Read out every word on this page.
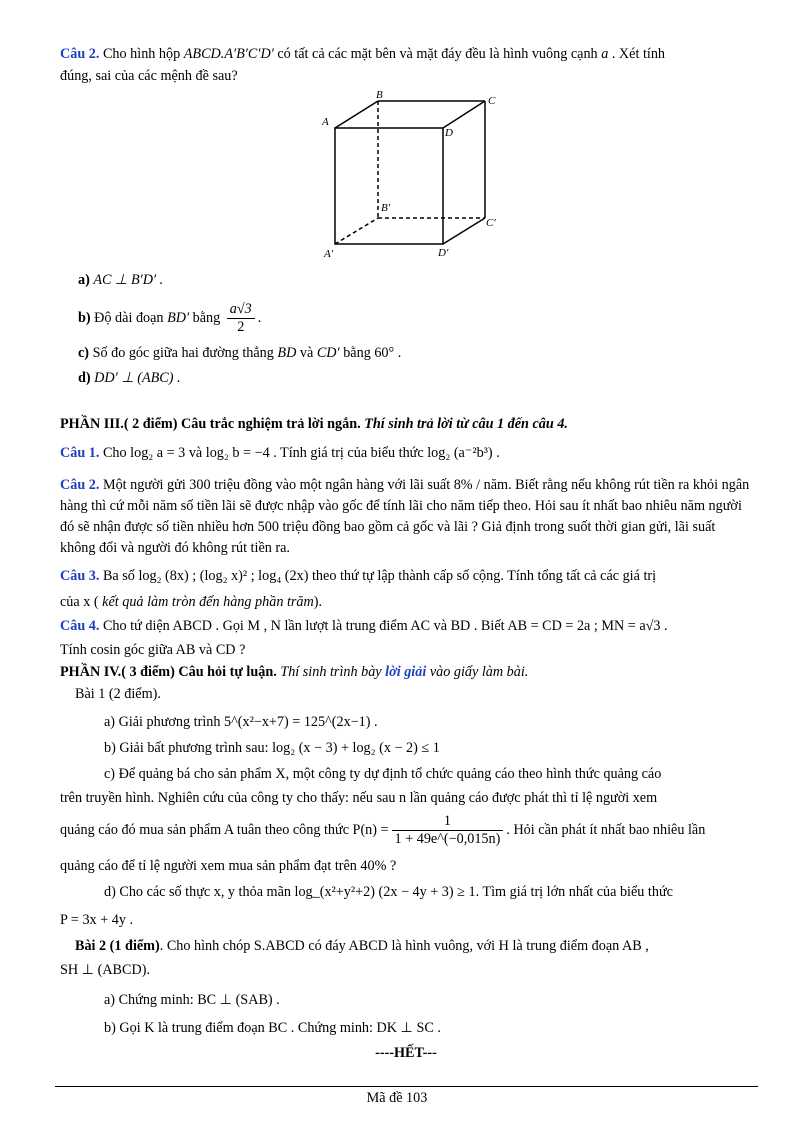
Câu 2. Cho hình hộp ABCD.A′B′C′D′ có tất cả các mặt bên và mặt đáy đều là hình vuông cạnh a . Xét tính
đúng, sai của các mệnh đề sau?
A
B	C
D
B′
C′
A′	D′
a) AC ⊥ B′D′ .
b) Độ dài đoạn BD′ bằng $\frac{a√3}{2}$ .
c) Số đo góc giữa hai đường thẳng BD và CD′ bằng 60° .
d) DD′ ⊥ (ABC) .
PHẦN III.( 2 điểm) Câu trắc nghiệm trả lời ngắn. Thí sinh trả lời từ câu 1 đến câu 4.
Câu 1. Cho log₂ a = 3 và log₂ b = −4 . Tính giá trị của biểu thức log₂ (a⁻²b³) .
Câu 2. Một người gửi 300 triệu đồng vào một ngân hàng với lãi suất 8% / năm. Biết rằng nếu không rút tiền ra khỏi ngân hàng thì cứ mỗi năm số tiền lãi sẽ được nhập vào gốc để tính lãi cho năm tiếp theo. Hỏi sau ít nhất bao nhiêu năm người đó sẽ nhận được số tiền nhiều hơn 500 triệu đồng bao gồm cả gốc và lãi ? Giả định trong suốt thời gian gửi, lãi suất không đổi và người đó không rút tiền ra.
Câu 3. Ba số log₂ (8x) ; (log₂ x)² ; log₄ (2x) theo thứ tự lập thành cấp số cộng. Tính tổng tất cả các giá trị
của x ( kết quả làm tròn đến hàng phần trăm).
Câu 4. Cho tứ diện ABCD . Gọi M , N lần lượt là trung điểm AC và BD . Biết AB = CD = 2a ; MN = a√3 .
Tính cosin góc giữa AB và CD ?
PHẦN IV.( 3 điểm) Câu hỏi tự luận. Thí sinh trình bày lời giải vào giấy làm bài.
Bài 1 (2 điểm).
a) Giải phương trình 5^(x²−x+7) = 125^(2x−1) .
b) Giải bất phương trình sau: log₂ (x − 3) + log₂ (x − 2) ≤ 1
c) Để quảng bá cho sản phẩm X, một công ty dự định tổ chức quảng cáo theo hình thức quảng cáo
trên truyền hình. Nghiên cứu của công ty cho thấy: nếu sau n lần quảng cáo được phát thì tỉ lệ người xem
quảng cáo đó mua sản phẩm A tuân theo công thức $P(n) = \frac{1}{1 + 49e\^{}(-0,015n)}$ . Hỏi cần phát ít nhất bao nhiêu lần
quảng cáo để tỉ lệ người xem mua sản phẩm đạt trên 40% ?
d) Cho các số thực x, y thỏa mãn log_(x²+y²+2) (2x − 4y + 3) ≥ 1. Tìm giá trị lớn nhất của biểu thức
P = 3x + 4y .
Bài 2 (1 điểm). Cho hình chóp S.ABCD có đáy ABCD là hình vuông, với H là trung điểm đoạn AB ,
SH ⊥ (ABCD).
a) Chứng minh: BC ⊥ (SAB) .
b) Gọi K là trung điểm đoạn BC . Chứng minh: DK ⊥ SC .
----HẾT---
Mã đề 103
